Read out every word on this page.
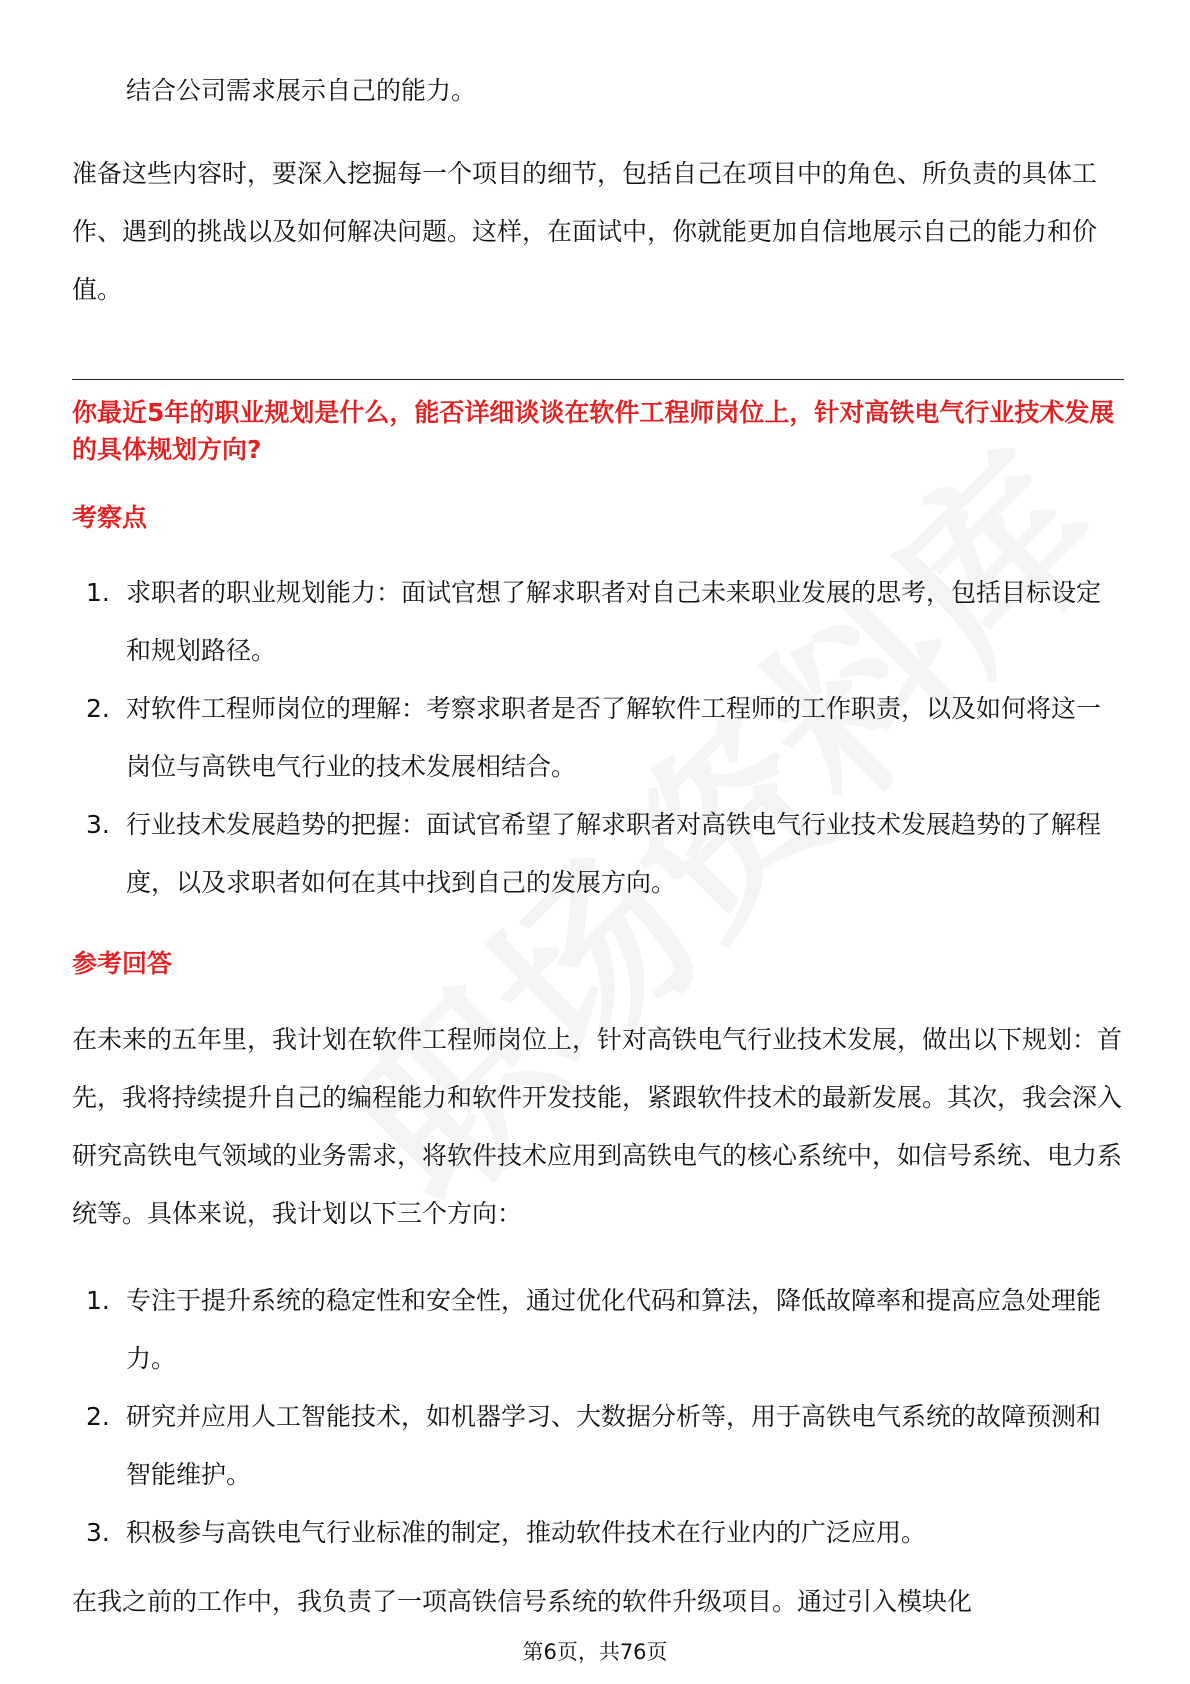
结合公司需求展示自己的能力。

准备这些内容时，要深入挖掘每一个项目的细节，包括自己在项目中的角色、所负责的具体工作、遇到的挑战以及如何解决问题。这样，在面试中，你就能更加自信地展示自己的能力和价值。

你最近5年的职业规划是什么，能否详细谈谈在软件工程师岗位上，针对高铁电气行业技术发展的具体规划方向?

考察点

1. 求职者的职业规划能力：面试官想了解求职者对自己未来职业发展的思考，包括目标设定和规划路径。
2. 对软件工程师岗位的理解：考察求职者是否了解软件工程师的工作职责，以及如何将这一岗位与高铁电气行业的技术发展相结合。
3. 行业技术发展趋势的把握：面试官希望了解求职者对高铁电气行业技术发展趋势的了解程度，以及求职者如何在其中找到自己的发展方向。

参考回答

在未来的五年里，我计划在软件工程师岗位上，针对高铁电气行业技术发展，做出以下规划：首先，我将持续提升自己的编程能力和软件开发技能，紧跟软件技术的最新发展。其次，我会深入研究高铁电气领域的业务需求，将软件技术应用到高铁电气的核心系统中，如信号系统、电力系统等。具体来说，我计划以下三个方向：

1. 专注于提升系统的稳定性和安全性，通过优化代码和算法，降低故障率和提高应急处理能力。
2. 研究并应用人工智能技术，如机器学习、大数据分析等，用于高铁电气系统的故障预测和智能维护。
3. 积极参与高铁电气行业标准的制定，推动软件技术在行业内的广泛应用。

在我之前的工作中，我负责了一项高铁信号系统的软件升级项目。通过引入模块化

第6页，共76页
